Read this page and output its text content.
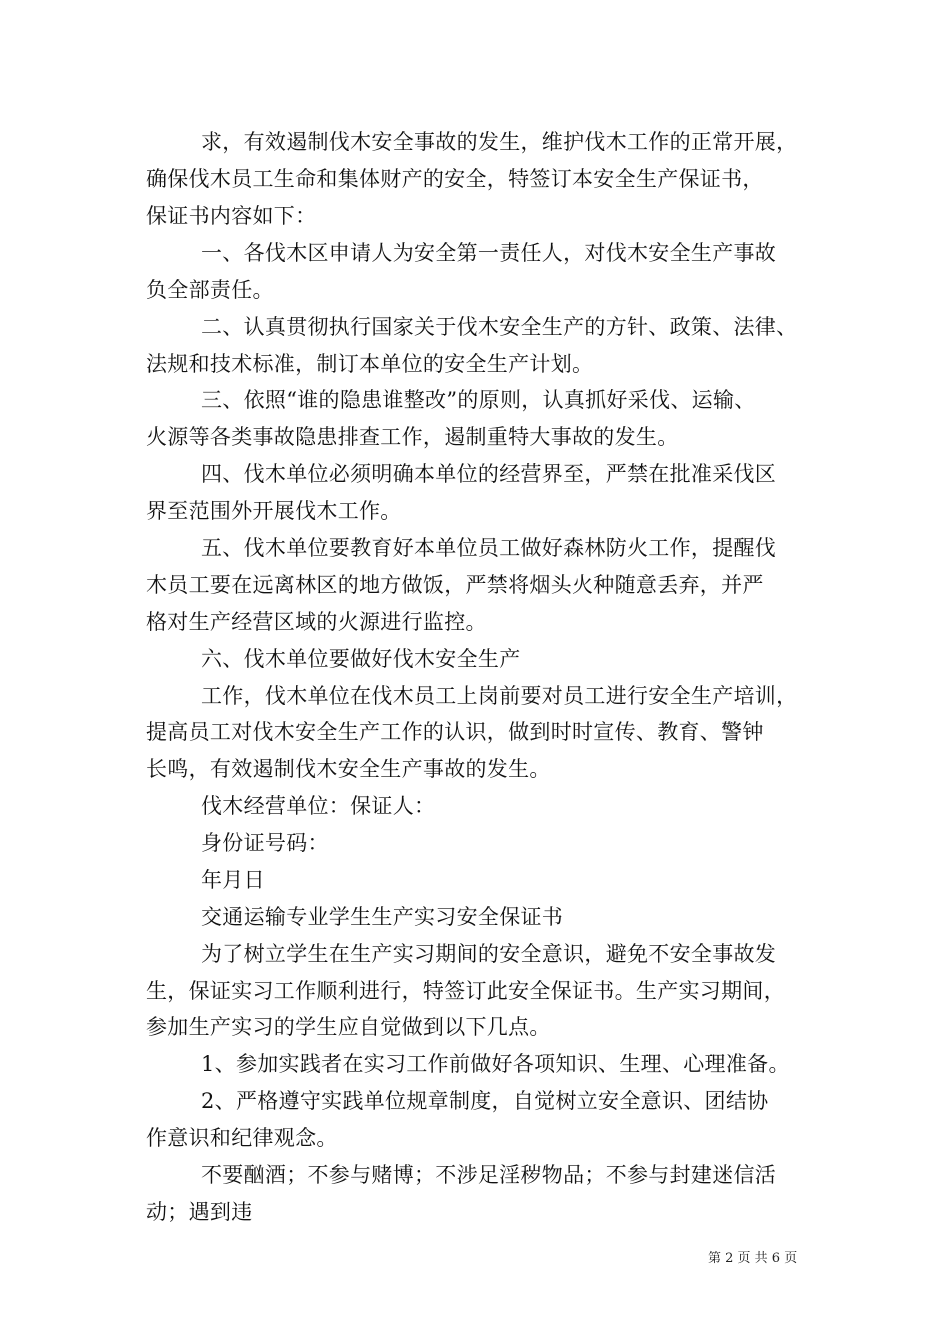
求，有效遏制伐木安全事故的发生，维护伐木工作的正常开展，
确保伐木员工生命和集体财产的安全，特签订本安全生产保证书，
保证书内容如下：
一、各伐木区申请人为安全第一责任人，对伐木安全生产事故
负全部责任。
二、认真贯彻执行国家关于伐木安全生产的方针、政策、法律、
法规和技术标准，制订本单位的安全生产计划。
三、依照“谁的隐患谁整改”的原则，认真抓好采伐、运输、
火源等各类事故隐患排查工作，遏制重特大事故的发生。
四、伐木单位必须明确本单位的经营界至，严禁在批准采伐区
界至范围外开展伐木工作。
五、伐木单位要教育好本单位员工做好森林防火工作，提醒伐
木员工要在远离林区的地方做饭，严禁将烟头火种随意丢弃，并严
格对生产经营区域的火源进行监控。
六、伐木单位要做好伐木安全生产
工作，伐木单位在伐木员工上岗前要对员工进行安全生产培训，
提高员工对伐木安全生产工作的认识，做到时时宣传、教育、警钟
长鸣，有效遏制伐木安全生产事故的发生。
伐木经营单位：保证人：
身份证号码：
年月日
交通运输专业学生生产实习安全保证书
为了树立学生在生产实习期间的安全意识，避免不安全事故发
生，保证实习工作顺利进行，特签订此安全保证书。生产实习期间，
参加生产实习的学生应自觉做到以下几点。
1、参加实践者在实习工作前做好各项知识、生理、心理准备。
2、严格遵守实践单位规章制度，自觉树立安全意识、团结协
作意识和纪律观念。
不要酗酒；不参与赌博；不涉足淫秽物品；不参与封建迷信活
动；遇到违
第 2 页 共 6 页
